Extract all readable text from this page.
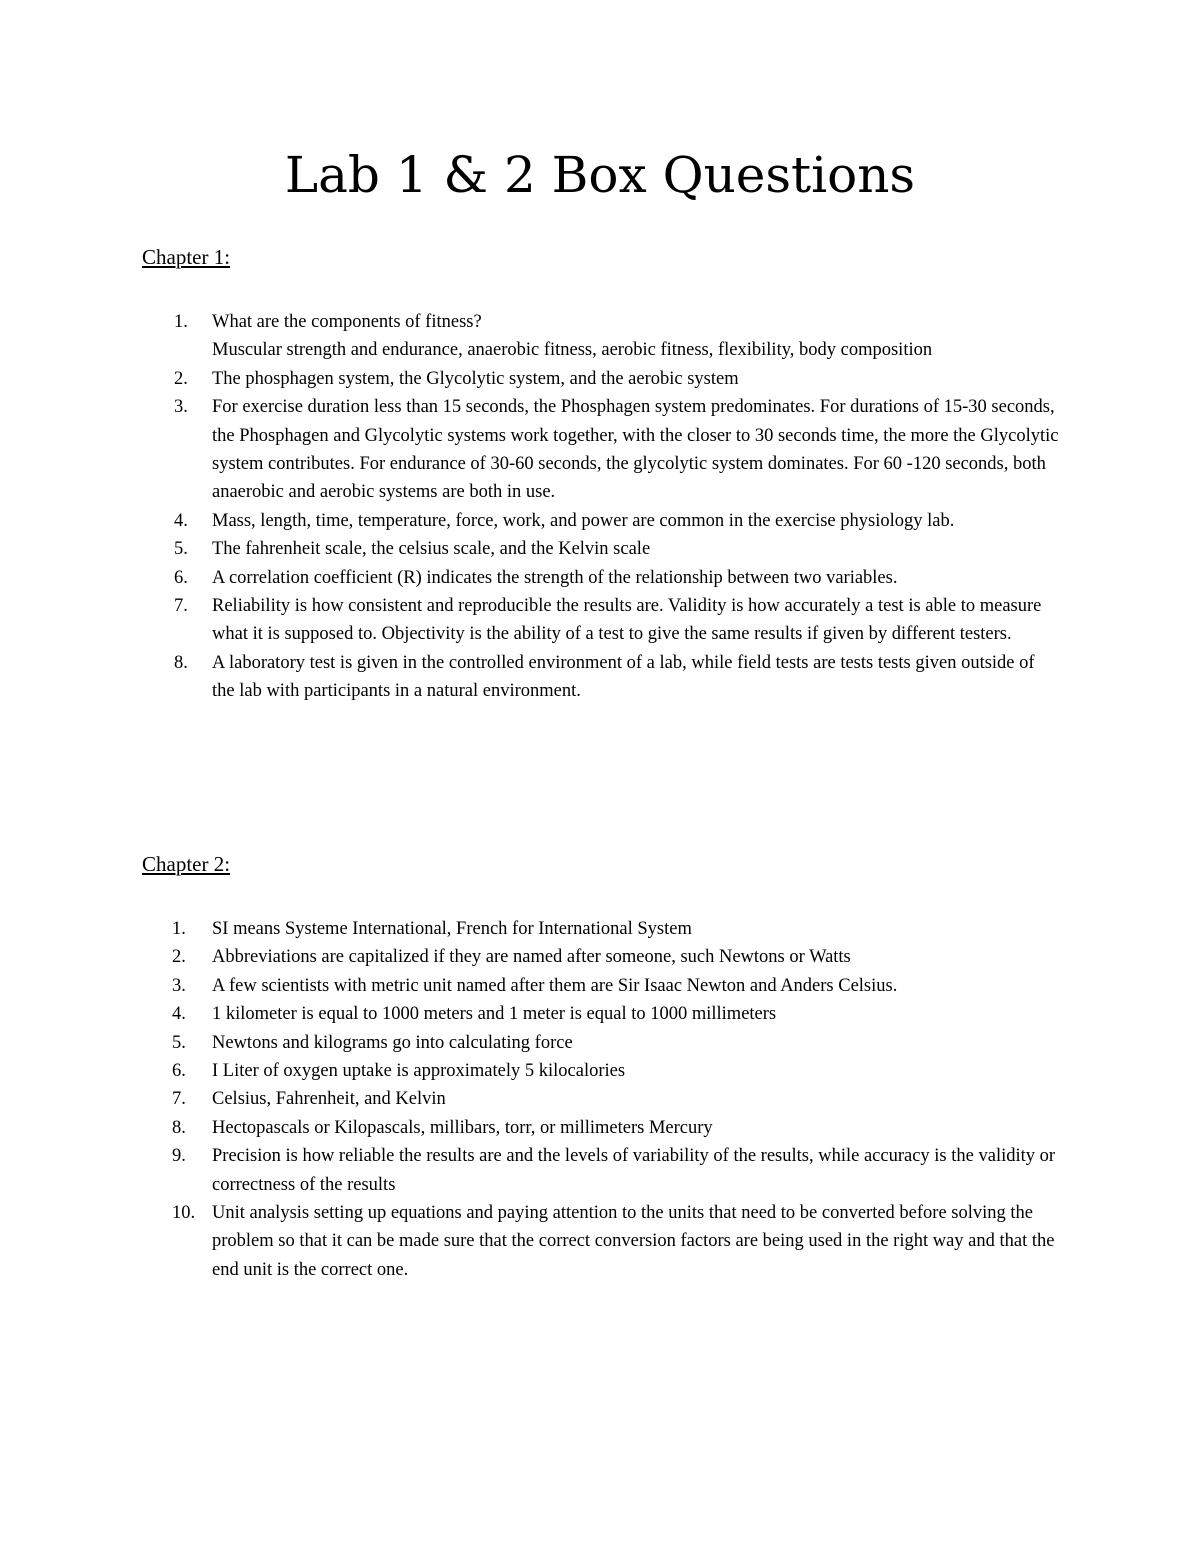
Lab 1 & 2 Box Questions
Chapter 1:
1.	What are the components of fitness?
Muscular strength and endurance, anaerobic fitness, aerobic fitness, flexibility, body composition
2.	The phosphagen system, the Glycolytic system, and the aerobic system
3.	For exercise duration less than 15 seconds, the Phosphagen system predominates. For durations of 15-30 seconds, the Phosphagen and Glycolytic systems work together, with the closer to 30 seconds time, the more the Glycolytic system contributes. For endurance of 30-60 seconds, the glycolytic system dominates. For 60 -120 seconds, both anaerobic and aerobic systems are both in use.
4.	Mass, length, time, temperature, force, work, and power are common in the exercise physiology lab.
5.	The fahrenheit scale, the celsius scale, and the Kelvin scale
6.	A correlation coefficient (R) indicates the strength of the relationship between two variables.
7.	Reliability is how consistent and reproducible the results are. Validity is how accurately a test is able to measure what it is supposed to. Objectivity is the ability of a test to give the same results if given by different testers.
8.	A laboratory test is given in the controlled environment of a lab, while field tests are tests tests given outside of the lab with participants in a natural environment.
Chapter 2:
1.	SI means Systeme International, French for International System
2.	Abbreviations are capitalized if they are named after someone, such Newtons or Watts
3.	A few scientists with metric unit named after them are Sir Isaac Newton and Anders Celsius.
4.	1 kilometer is equal to 1000 meters and 1 meter is equal to 1000 millimeters
5.	Newtons and kilograms go into calculating force
6.	I Liter of oxygen uptake is approximately 5 kilocalories
7.	Celsius, Fahrenheit, and Kelvin
8.	Hectopascals or Kilopascals, millibars, torr, or millimeters Mercury
9.	Precision is how reliable the results are and the levels of variability of the results, while accuracy is the validity or correctness of the results
10. Unit analysis setting up equations and paying attention to the units that need to be converted before solving the problem so that it can be made sure that the correct conversion factors are being used in the right way and that the end unit is the correct one.
